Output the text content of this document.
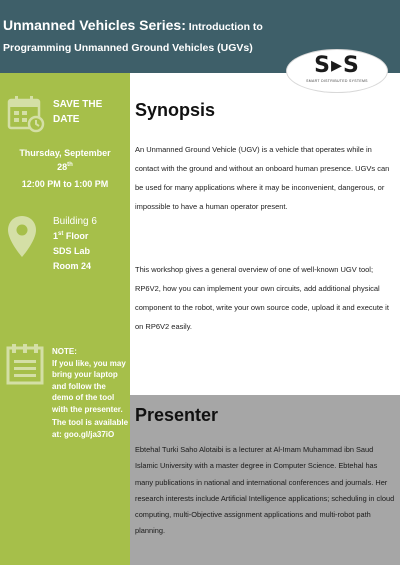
Unmanned Vehicles Series: Introduction to
Programming Unmanned Ground Vehicles (UGVs)
SAVE THE DATE
Thursday, September
28th
12:00 PM to 1:00 PM
Building 6
1st Floor
SDS Lab
Room 24
NOTE:
If you like, you may bring your laptop and follow the demo of the tool with the presenter.
The tool is available at: goo.gl/ja37iO
Synopsis
An Unmanned Ground Vehicle (UGV) is a vehicle that operates while in contact with the ground and without an onboard human presence. UGVs can be used for many applications where it may be inconvenient, dangerous, or impossible to have a human operator present.
This workshop gives a general overview of one of well-known UGV tool; RP6V2, how you can implement your own circuits, add additional physical component to the robot, write your own source code, upload it and execute it on RP6V2 easily.
Presenter
Ebtehal Turki Saho Alotaibi is a lecturer at Al-Imam Muhammad ibn Saud Islamic University with a master degree in Computer Science. Ebtehal has many publications in national and international conferences and journals. Her research interests include Artificial Intelligence applications; scheduling in cloud computing, multi-Objective assignment applications and multi-robot path planning.
S▸S
SMART DISTRIBUTED SYSTEMS
